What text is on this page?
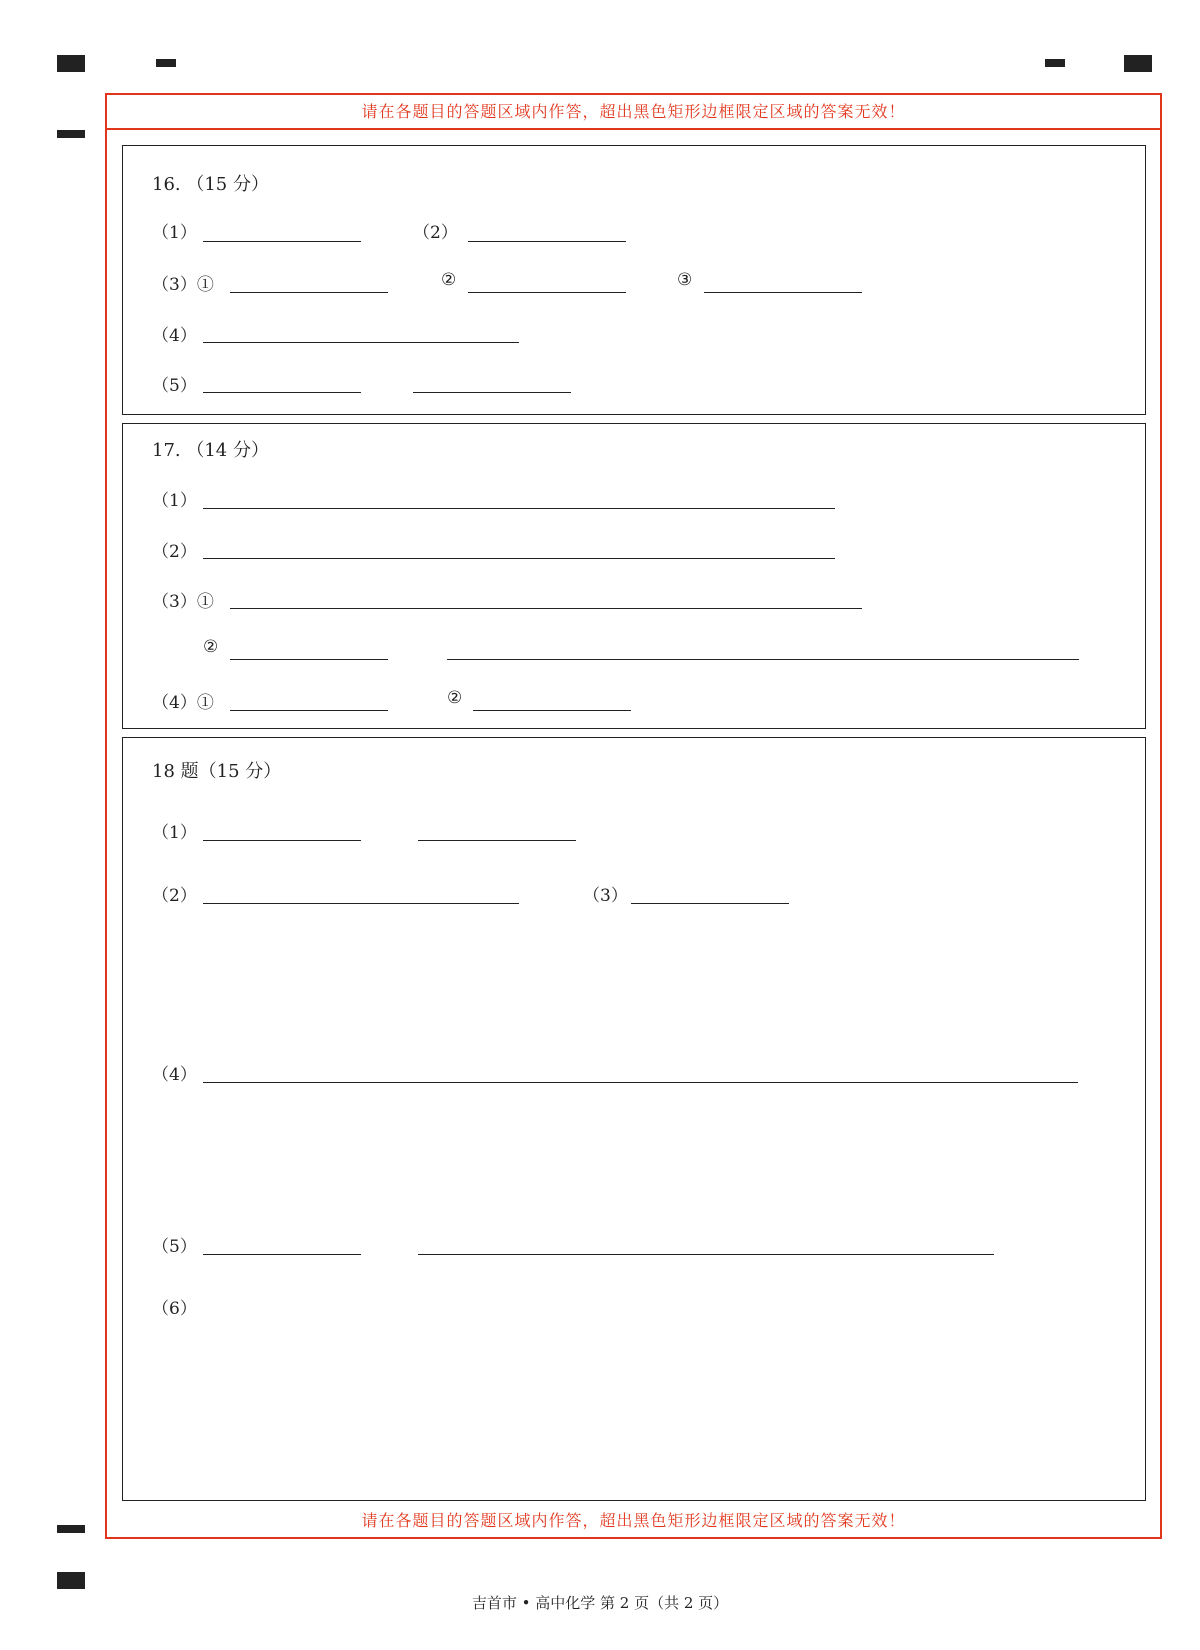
请在各题目的答题区域内作答，超出黑色矩形边框限定区域的答案无效！
请在各题目的答题区域内作答，超出黑色矩形边框限定区域的答案无效！
16. （15 分）
（1）	（2）
（3）①	②	③
（4）
（5）
17. （14 分）
（1）
（2）
（3）①
②
（4）①	②
18 题（15 分）
（1）
（2）	（3）
（4）
（5）
（6）
吉首市 • 高中化学 第 2 页（共 2 页）
